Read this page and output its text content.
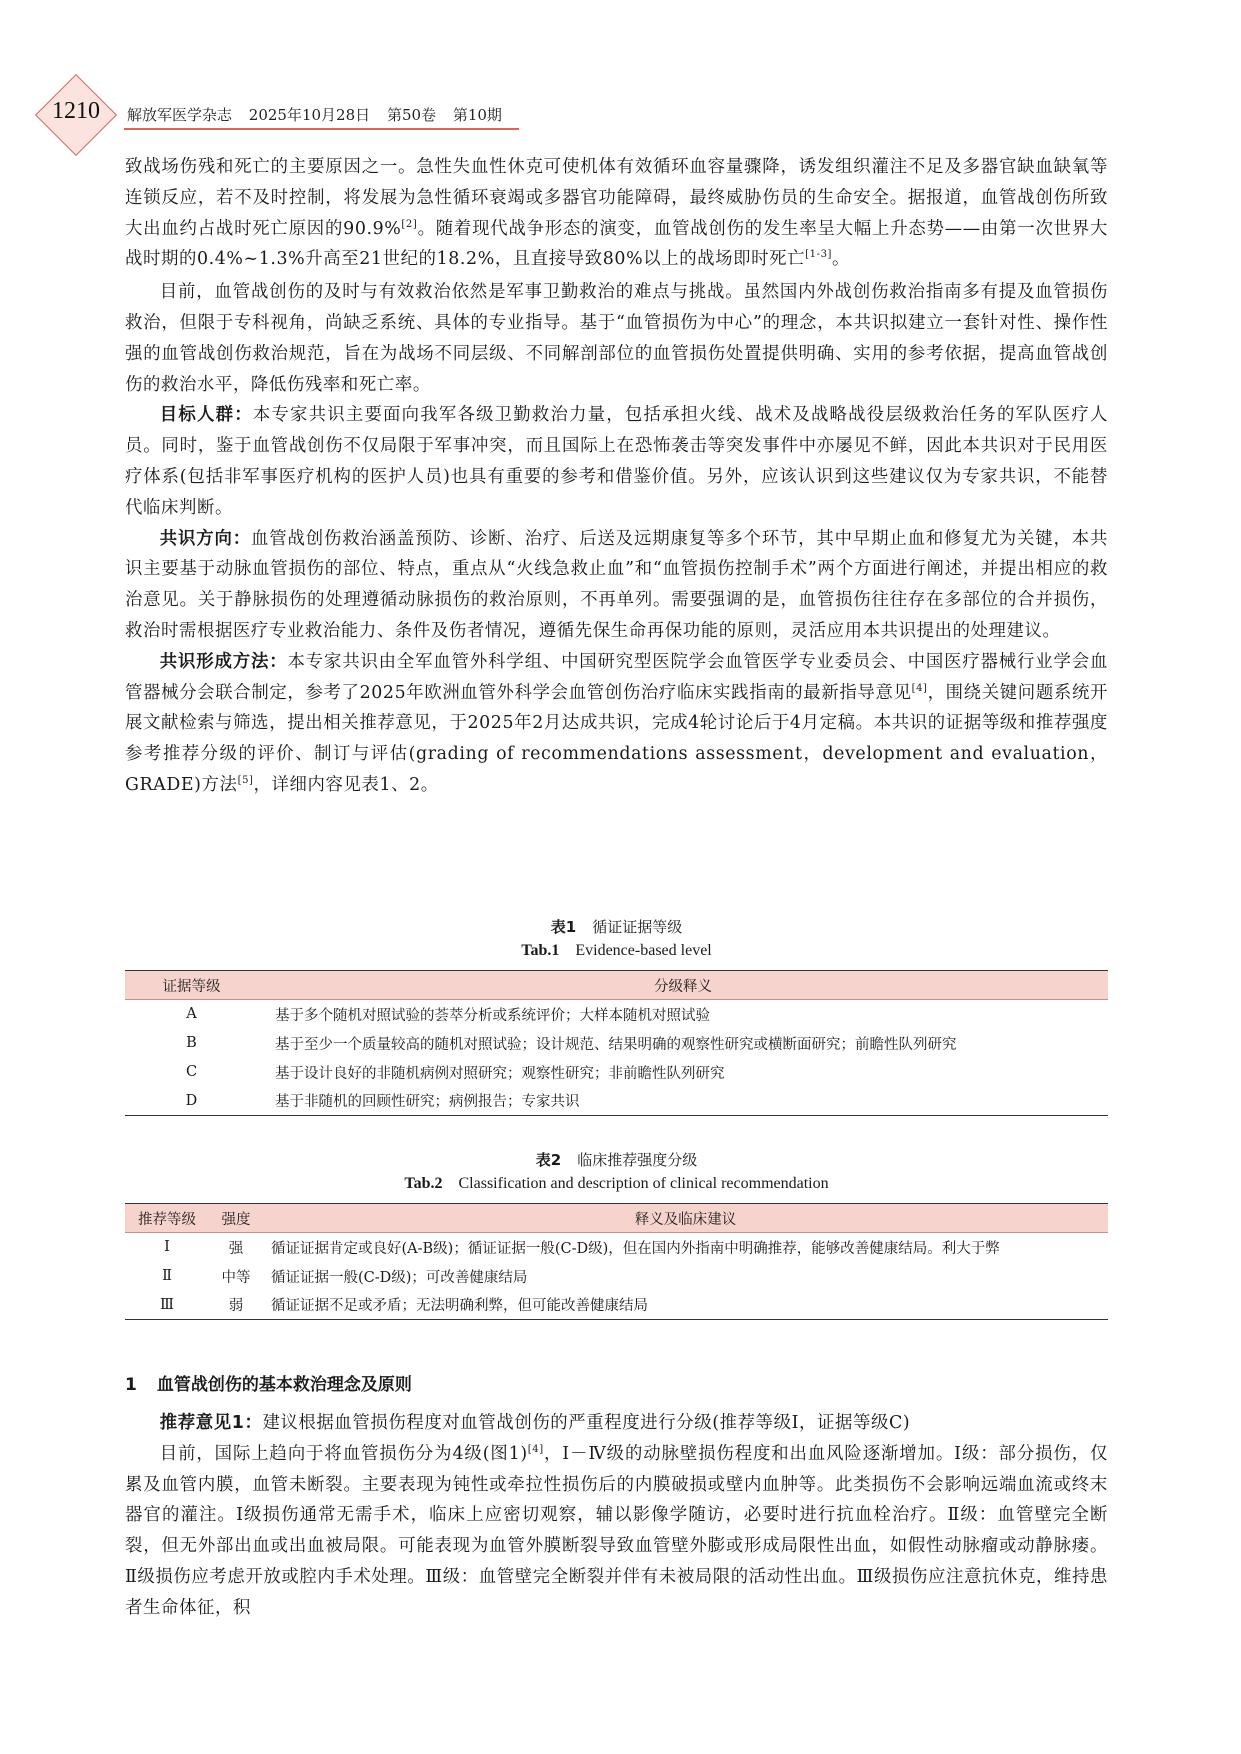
1210	解放军医学杂志 2025年10月28日 第50卷 第10期

致战场伤残和死亡的主要原因之一。急性失血性休克可使机体有效循环血容量骤降，诱发组织灌注不足及多器官缺血缺氧等连锁反应，若不及时控制，将发展为急性循环衰竭或多器官功能障碍，最终威胁伤员的生命安全。据报道，血管战创伤所致大出血约占战时死亡原因的90.9%[2]。随着现代战争形态的演变，血管战创伤的发生率呈大幅上升态势——由第一次世界大战时期的0.4%~1.3%升高至21世纪的18.2%，且直接导致80%以上的战场即时死亡[1-3]。

目前，血管战创伤的及时与有效救治依然是军事卫勤救治的难点与挑战。虽然国内外战创伤救治指南多有提及血管损伤救治，但限于专科视角，尚缺乏系统、具体的专业指导。基于“血管损伤为中心”的理念，本共识拟建立一套针对性、操作性强的血管战创伤救治规范，旨在为战场不同层级、不同解剖部位的血管损伤处置提供明确、实用的参考依据，提高血管战创伤的救治水平，降低伤残率和死亡率。

目标人群：本专家共识主要面向我军各级卫勤救治力量，包括承担火线、战术及战略战役层级救治任务的军队医疗人员。同时，鉴于血管战创伤不仅局限于军事冲突，而且国际上在恐怖袭击等突发事件中亦屡见不鲜，因此本共识对于民用医疗体系(包括非军事医疗机构的医护人员)也具有重要的参考和借鉴价值。另外，应该认识到这些建议仅为专家共识，不能替代临床判断。

共识方向：血管战创伤救治涵盖预防、诊断、治疗、后送及远期康复等多个环节，其中早期止血和修复尤为关键，本共识主要基于动脉血管损伤的部位、特点，重点从“火线急救止血”和“血管损伤控制手术”两个方面进行阐述，并提出相应的救治意见。关于静脉损伤的处理遵循动脉损伤的救治原则，不再单列。需要强调的是，血管损伤往往存在多部位的合并损伤，救治时需根据医疗专业救治能力、条件及伤者情况，遵循先保生命再保功能的原则，灵活应用本共识提出的处理建议。

共识形成方法：本专家共识由全军血管外科学组、中国研究型医院学会血管医学专业委员会、中国医疗器械行业学会血管器械分会联合制定，参考了2025年欧洲血管外科学会血管创伤治疗临床实践指南的最新指导意见[4]，围绕关键问题系统开展文献检索与筛选，提出相关推荐意见，于2025年2月达成共识，完成4轮讨论后于4月定稿。本共识的证据等级和推荐强度参考推荐分级的评价、制订与评估(grading of recommendations assessment，development and evaluation，GRADE)方法[5]，详细内容见表1、2。

表1 循证证据等级
Tab.1 Evidence-based level
证据等级	分级释义
A	基于多个随机对照试验的荟萃分析或系统评价；大样本随机对照试验
B	基于至少一个质量较高的随机对照试验；设计规范、结果明确的观察性研究或横断面研究；前瞻性队列研究
C	基于设计良好的非随机病例对照研究；观察性研究；非前瞻性队列研究
D	基于非随机的回顾性研究；病例报告；专家共识
表2 临床推荐强度分级
Tab.2 Classification and description of clinical recommendation
推荐等级	强度	释义及临床建议
Ⅰ	强	循证证据肯定或良好(A-B级)；循证证据一般(C-D级)，但在国内外指南中明确推荐，能够改善健康结局。利大于弊
Ⅱ	中等	循证证据一般(C-D级)；可改善健康结局
Ⅲ	弱	循证证据不足或矛盾；无法明确利弊，但可能改善健康结局
1 血管战创伤的基本救治理念及原则

推荐意见1：建议根据血管损伤程度对血管战创伤的严重程度进行分级(推荐等级Ⅰ，证据等级C)

目前，国际上趋向于将血管损伤分为4级(图1)[4]，Ⅰ－Ⅳ级的动脉壁损伤程度和出血风险逐渐增加。Ⅰ级：部分损伤，仅累及血管内膜，血管未断裂。主要表现为钝性或牵拉性损伤后的内膜破损或壁内血肿等。此类损伤不会影响远端血流或终末器官的灌注。Ⅰ级损伤通常无需手术，临床上应密切观察，辅以影像学随访，必要时进行抗血栓治疗。Ⅱ级：血管壁完全断裂，但无外部出血或出血被局限。可能表现为血管外膜断裂导致血管壁外膨或形成局限性出血，如假性动脉瘤或动静脉瘘。Ⅱ级损伤应考虑开放或腔内手术处理。Ⅲ级：血管壁完全断裂并伴有未被局限的活动性出血。Ⅲ级损伤应注意抗休克，维持患者生命体征，积
